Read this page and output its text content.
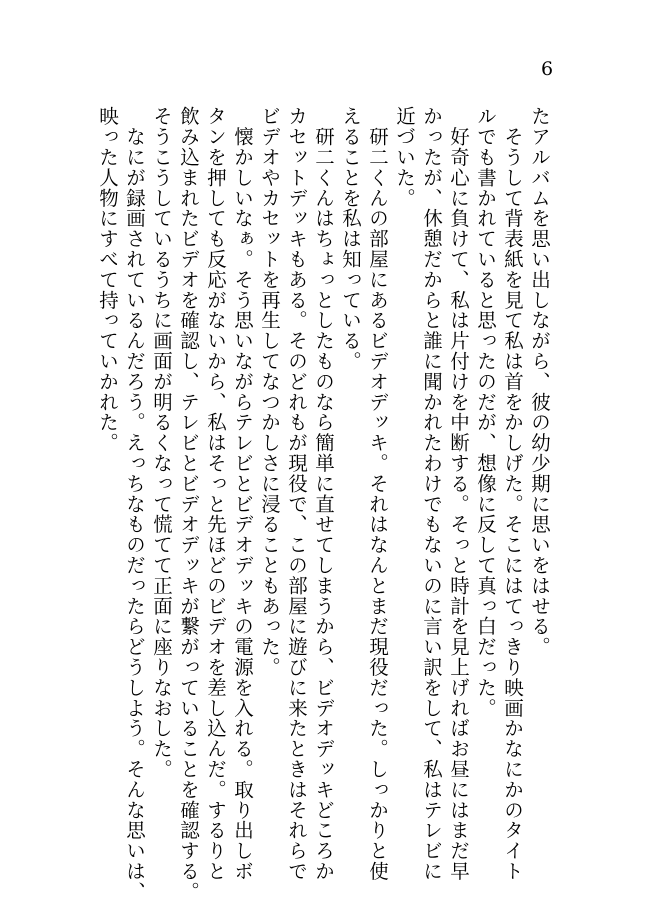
6

たアルバムを思い出しながら、彼の幼少期に思いをはせる。

　そうして背表紙を見て私は首をかしげた。そこにはてっきり映画かなにかのタイト

ルでも書かれていると思ったのだが、想像に反して真っ白だった。

　好奇心に負けて、私は片付けを中断する。そっと時計を見上げればお昼にはまだ早

かったが、休憩だからと誰に聞かれたわけでもないのに言い訳をして、私はテレビに

近づいた。

　研二くんの部屋にあるビデオデッキ。それはなんとまだ現役だった。しっかりと使

えることを私は知っている。

　研二くんはちょっとしたものなら簡単に直せてしまうから、ビデオデッキどころか

カセットデッキもある。そのどれもが現役で、この部屋に遊びに来たときはそれらで

ビデオやカセットを再生してなつかしさに浸ることもあった。

　懐かしいなぁ。そう思いながらテレビとビデオデッキの電源を入れる。取り出しボ

タンを押しても反応がないから、私はそっと先ほどのビデオを差し込んだ。するりと

飲み込まれたビデオを確認し、テレビとビデオデッキが繋がっていることを確認する。

そうこうしているうちに画面が明るくなって慌てて正面に座りなおした。

　なにが録画されているんだろう。えっちなものだったらどうしよう。そんな思いは、

映った人物にすべて持っていかれた。
